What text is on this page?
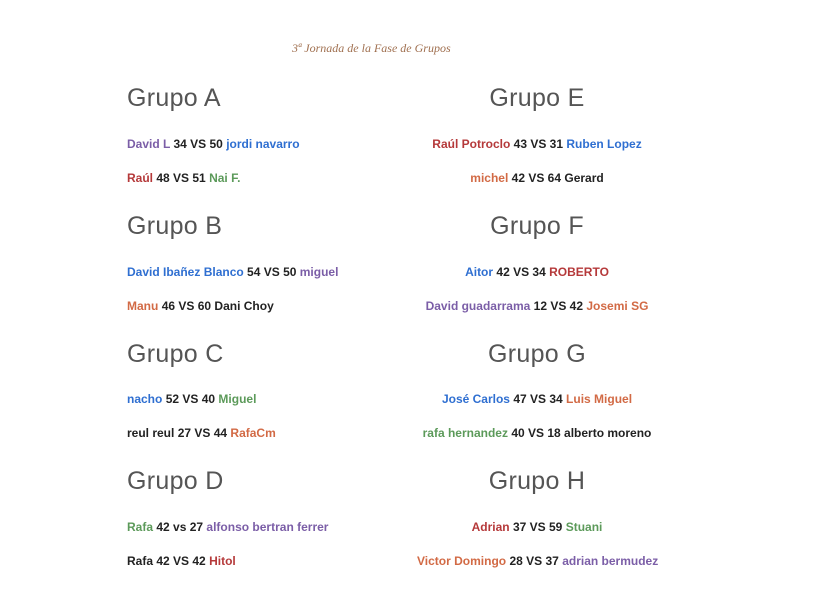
3ª Jornada de la Fase de Grupos
Grupo A
David L 34 VS 50 jordi navarro
Raúl 48 VS 51 Nai F.
Grupo B
David Ibañez Blanco 54 VS 50 miguel
Manu 46 VS 60 Dani Choy
Grupo C
nacho 52 VS 40 Miguel
reul reul 27 VS 44 RafaCm
Grupo D
Rafa 42 vs 27 alfonso bertran ferrer
Rafa 42 VS 42 Hitol
Grupo E
Raúl Potroclo 43 VS 31 Ruben Lopez
michel 42 VS 64 Gerard
Grupo F
Aitor 42 VS 34 ROBERTO
David guadarrama 12 VS 42 Josemi SG
Grupo G
José Carlos 47 VS 34 Luis Miguel
rafa hernandez 40 VS 18 alberto moreno
Grupo H
Adrian 37 VS 59 Stuani
Victor Domingo 28 VS 37 adrian bermudez
